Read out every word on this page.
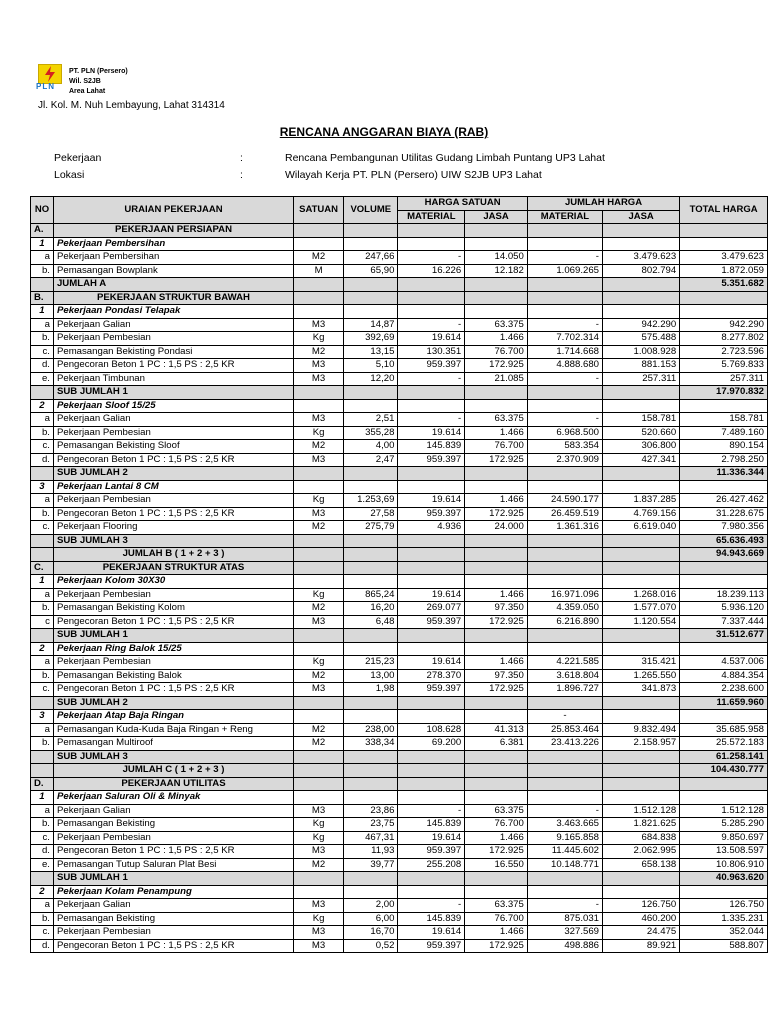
PLN
PT. PLN (Persero)
Wil. S2JB
Area Lahat
Jl. Kol. M. Nuh Lembayung, Lahat 314314
RENCANA ANGGARAN BIAYA (RAB)
Pekerjaan	:	Rencana Pembangunan Utilitas Gudang Limbah Puntang UP3 Lahat
Lokasi	:	Wilayah Kerja PT. PLN (Persero) UIW S2JB UP3 Lahat
NO	URAIAN PEKERJAAN	SATUAN	VOLUME	HARGA SATUAN		JUMLAH HARGA		TOTAL HARGA
				MATERIAL	JASA	MATERIAL	JASA	
A.	PEKERJAAN PERSIAPAN							
1	Pekerjaan Pembersihan							
a	Pekerjaan Pembersihan	M2	247,66	-	14.050	-	3.479.623	3.479.623
b.	Pemasangan Bowplank	M	65,90	16.226	12.182	1.069.265	802.794	1.872.059
	JUMLAH A							5.351.682
B.	PEKERJAAN STRUKTUR BAWAH							
1	Pekerjaan Pondasi Telapak							
a	Pekerjaan Galian	M3	14,87	-	63.375	-	942.290	942.290
b.	Pekerjaan Pembesian	Kg	392,69	19.614	1.466	7.702.314	575.488	8.277.802
c.	Pemasangan Bekisting Pondasi	M2	13,15	130.351	76.700	1.714.668	1.008.928	2.723.596
d.	Pengecoran Beton 1 PC : 1,5 PS : 2,5 KR	M3	5,10	959.397	172.925	4.888.680	881.153	5.769.833
e.	Pekerjaan Timbunan	M3	12,20	-	21.085	-	257.311	257.311
	SUB JUMLAH 1							17.970.832
2	Pekerjaan Sloof 15/25							
a	Pekerjaan Galian	M3	2,51	-	63.375	-	158.781	158.781
b.	Pekerjaan Pembesian	Kg	355,28	19.614	1.466	6.968.500	520.660	7.489.160
c.	Pemasangan Bekisting Sloof	M2	4,00	145.839	76.700	583.354	306.800	890.154
d.	Pengecoran Beton 1 PC : 1,5 PS : 2,5 KR	M3	2,47	959.397	172.925	2.370.909	427.341	2.798.250
	SUB JUMLAH 2							11.336.344
3	Pekerjaan Lantai 8 CM							
a	Pekerjaan Pembesian	Kg	1.253,69	19.614	1.466	24.590.177	1.837.285	26.427.462
b.	Pengecoran Beton 1 PC : 1,5 PS : 2,5 KR	M3	27,58	959.397	172.925	26.459.519	4.769.156	31.228.675
c.	Pekerjaan Flooring	M2	275,79	4.936	24.000	1.361.316	6.619.040	7.980.356
	SUB JUMLAH 3							65.636.493
	JUMLAH B ( 1 + 2 + 3 )							94.943.669
C.	PEKERJAAN STRUKTUR ATAS							
1	Pekerjaan Kolom 30X30							
a	Pekerjaan Pembesian	Kg	865,24	19.614	1.466	16.971.096	1.268.016	18.239.113
b.	Pemasangan Bekisting Kolom	M2	16,20	269.077	97.350	4.359.050	1.577.070	5.936.120
c	Pengecoran Beton 1 PC : 1,5 PS : 2,5 KR	M3	6,48	959.397	172.925	6.216.890	1.120.554	7.337.444
	SUB JUMLAH 1							31.512.677
2	Pekerjaan Ring Balok 15/25							
a	Pekerjaan Pembesian	Kg	215,23	19.614	1.466	4.221.585	315.421	4.537.006
b.	Pemasangan Bekisting Balok	M2	13,00	278.370	97.350	3.618.804	1.265.550	4.884.354
c.	Pengecoran Beton 1 PC : 1,5 PS : 2,5 KR	M3	1,98	959.397	172.925	1.896.727	341.873	2.238.600
	SUB JUMLAH 2							11.659.960
3	Pekerjaan Atap Baja Ringan					-		
a	Pemasangan Kuda-Kuda Baja Ringan + Reng	M2	238,00	108.628	41.313	25.853.464	9.832.494	35.685.958
b.	Pemasangan Multiroof	M2	338,34	69.200	6.381	23.413.226	2.158.957	25.572.183
	SUB JUMLAH 3							61.258.141
	JUMLAH C ( 1 + 2 + 3 )							104.430.777
D.	PEKERJAAN UTILITAS							
1	Pekerjaan Saluran Oli & Minyak							
a	Pekerjaan Galian	M3	23,86	-	63.375	-	1.512.128	1.512.128
b.	Pemasangan Bekisting	Kg	23,75	145.839	76.700	3.463.665	1.821.625	5.285.290
c.	Pekerjaan Pembesian	Kg	467,31	19.614	1.466	9.165.858	684.838	9.850.697
d.	Pengecoran Beton 1 PC : 1,5 PS : 2,5 KR	M3	11,93	959.397	172.925	11.445.602	2.062.995	13.508.597
e.	Pemasangan Tutup Saluran Plat Besi	M2	39,77	255.208	16.550	10.148.771	658.138	10.806.910
	SUB JUMLAH 1							40.963.620
2	Pekerjaan Kolam Penampung							
a	Pekerjaan Galian	M3	2,00	-	63.375	-	126.750	126.750
b.	Pemasangan Bekisting	Kg	6,00	145.839	76.700	875.031	460.200	1.335.231
c.	Pekerjaan Pembesian	M3	16,70	19.614	1.466	327.569	24.475	352.044
d.	Pengecoran Beton 1 PC : 1,5 PS : 2,5 KR	M3	0,52	959.397	172.925	498.886	89.921	588.807
